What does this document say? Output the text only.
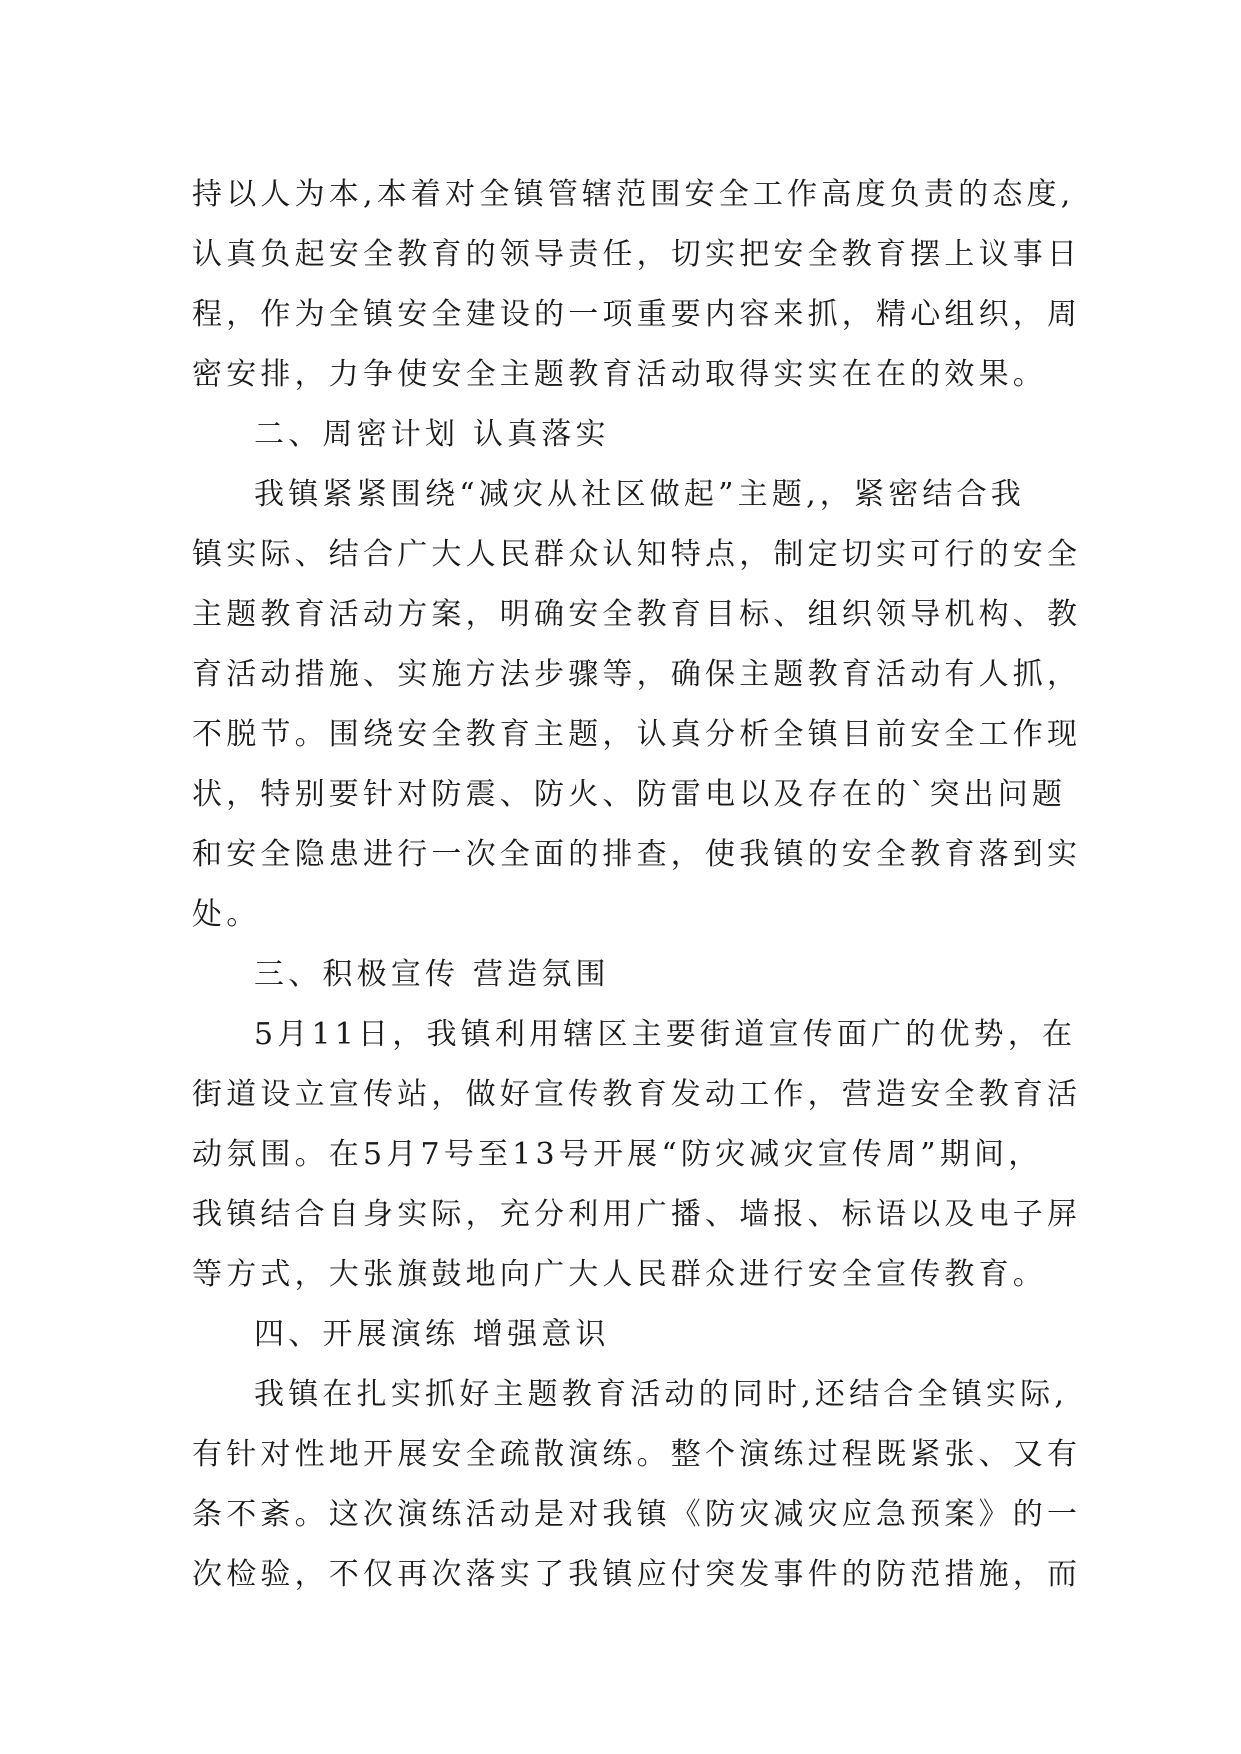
持以人为本,本着对全镇管辖范围安全工作高度负责的态度,
认真负起安全教育的领导责任，切实把安全教育摆上议事日
程，作为全镇安全建设的一项重要内容来抓，精心组织，周
密安排，力争使安全主题教育活动取得实实在在的效果。
二、周密计划 认真落实
我镇紧紧围绕“减灾从社区做起”主题,，紧密结合我
镇实际、结合广大人民群众认知特点，制定切实可行的安全
主题教育活动方案，明确安全教育目标、组织领导机构、教
育活动措施、实施方法步骤等，确保主题教育活动有人抓，
不脱节。围绕安全教育主题，认真分析全镇目前安全工作现
状，特别要针对防震、防火、防雷电以及存在的`突出问题
和安全隐患进行一次全面的排查，使我镇的安全教育落到实
处。
三、积极宣传 营造氛围
5月11日，我镇利用辖区主要街道宣传面广的优势，在
街道设立宣传站，做好宣传教育发动工作，营造安全教育活
动氛围。在5月7号至13号开展“防灾减灾宣传周”期间，
我镇结合自身实际，充分利用广播、墙报、标语以及电子屏
等方式，大张旗鼓地向广大人民群众进行安全宣传教育。
四、开展演练 增强意识
我镇在扎实抓好主题教育活动的同时,还结合全镇实际,
有针对性地开展安全疏散演练。整个演练过程既紧张、又有
条不紊。这次演练活动是对我镇《防灾减灾应急预案》的一
次检验，不仅再次落实了我镇应付突发事件的防范措施，而
